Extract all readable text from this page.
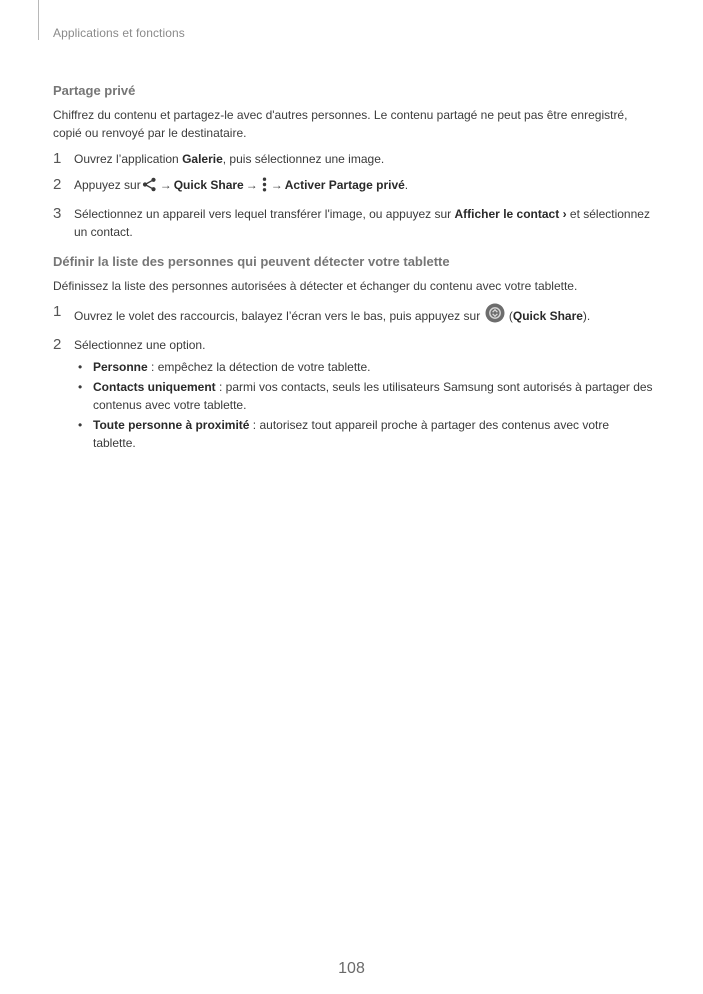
Applications et fonctions
Partage privé
Chiffrez du contenu et partagez-le avec d'autres personnes. Le contenu partagé ne peut pas être enregistré, copié ou renvoyé par le destinataire.
1	Ouvrez l’application Galerie, puis sélectionnez une image.
2	Appuyez sur → Quick Share → → Activer Partage privé.
3	Sélectionnez un appareil vers lequel transférer l'image, ou appuyez sur Afficher le contact › et sélectionnez un contact.
Définir la liste des personnes qui peuvent détecter votre tablette
Définissez la liste des personnes autorisées à détecter et échanger du contenu avec votre tablette.
1	Ouvrez le volet des raccourcis, balayez l’écran vers le bas, puis appuyez sur  (Quick Share).
2	Sélectionnez une option.
• Personne : empêchez la détection de votre tablette.
• Contacts uniquement : parmi vos contacts, seuls les utilisateurs Samsung sont autorisés à partager des contenus avec votre tablette.
• Toute personne à proximité : autorisez tout appareil proche à partager des contenus avec votre tablette.
108
